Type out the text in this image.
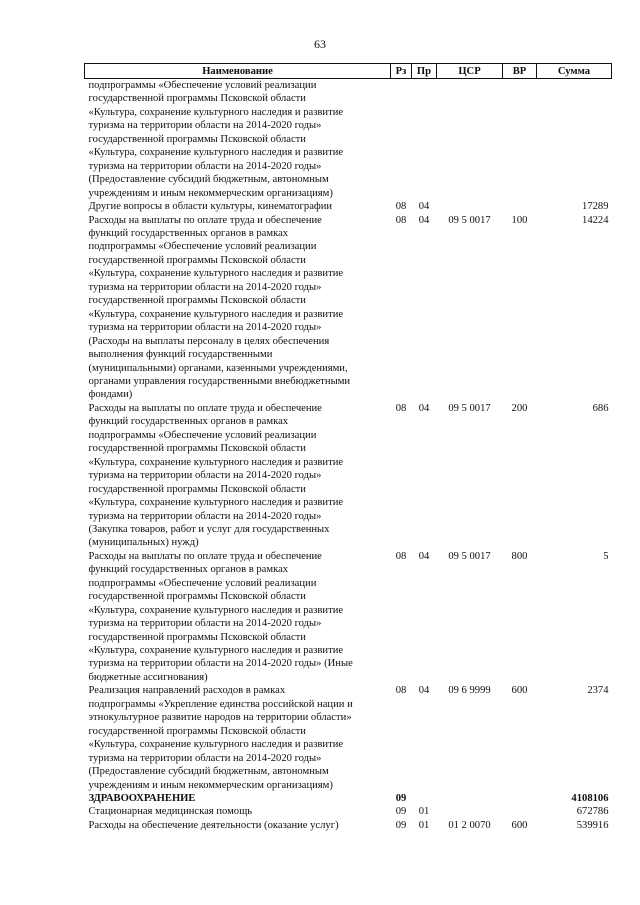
63
Наименование	Рз	Пр	ЦСР	ВР	Сумма
подпрограммы «Обеспечение условий реализации					
государственной программы Псковской области					
«Культура, сохранение культурного наследия и развитие					
туризма на территории области на 2014-2020 годы»					
государственной программы Псковской области					
«Культура, сохранение культурного наследия и развитие					
туризма на территории области на 2014-2020 годы»					
(Предоставление субсидий бюджетным, автономным					
учреждениям и иным некоммерческим организациям)					
Другие вопросы в области культуры, кинематографии	08	04			17289
Расходы на выплаты по оплате труда и обеспечение	08	04	09 5 0017	100	14224
функций государственных органов в рамках					
подпрограммы «Обеспечение условий реализации					
государственной программы Псковской области					
«Культура, сохранение культурного наследия и развитие					
туризма на территории области на 2014-2020 годы»					
государственной программы Псковской области					
«Культура, сохранение культурного наследия и развитие					
туризма на территории области на 2014-2020 годы»					
(Расходы на выплаты персоналу в целях обеспечения					
выполнения функций государственными					
(муниципальными) органами, казенными учреждениями,					
органами управления государственными внебюджетными					
фондами)					
Расходы на выплаты по оплате труда и обеспечение	08	04	09 5 0017	200	686
функций государственных органов в рамках					
подпрограммы «Обеспечение условий реализации					
государственной программы Псковской области					
«Культура, сохранение культурного наследия и развитие					
туризма на территории области на 2014-2020 годы»					
государственной программы Псковской области					
«Культура, сохранение культурного наследия и развитие					
туризма на территории области на 2014-2020 годы»					
(Закупка товаров, работ и услуг для государственных					
(муниципальных) нужд)					
Расходы на выплаты по оплате труда и обеспечение	08	04	09 5 0017	800	5
функций государственных органов в рамках					
подпрограммы «Обеспечение условий реализации					
государственной программы Псковской области					
«Культура, сохранение культурного наследия и развитие					
туризма на территории области на 2014-2020 годы»					
государственной программы Псковской области					
«Культура, сохранение культурного наследия и развитие					
туризма на территории области на 2014-2020 годы» (Иные					
бюджетные ассигнования)					
Реализация направлений расходов в рамках	08	04	09 6 9999	600	2374
подпрограммы «Укрепление единства российской нации и					
этнокультурное развитие народов на территории области»					
государственной программы Псковской области					
«Культура, сохранение культурного наследия и развитие					
туризма на территории области на 2014-2020 годы»					
(Предоставление субсидий бюджетным, автономным					
учреждениям и иным некоммерческим организациям)					
ЗДРАВООХРАНЕНИЕ	09				4108106
Стационарная медицинская помощь	09	01			672786
Расходы на обеспечение деятельности (оказание услуг)	09	01	01 2 0070	600	539916
